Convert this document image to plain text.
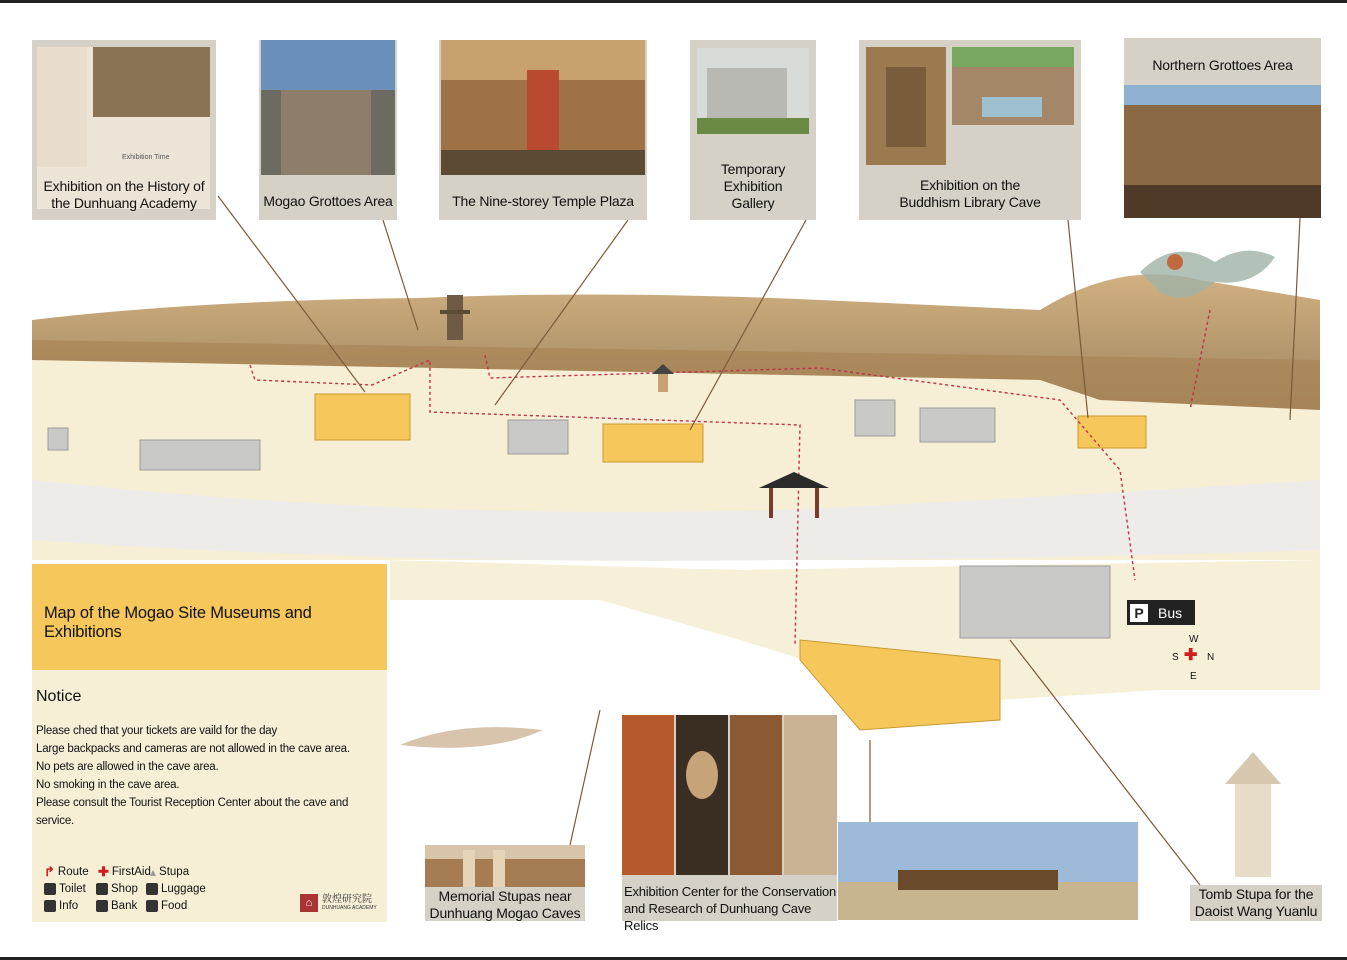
Exhibition Time
Exhibition on the History of the Dunhuang Academy	Mogao Grottoes Area	The Nine-storey Temple Plaza
Temporary Exhibition Gallery
Exhibition on the Buddhism Library Cave
Northern Grottoes Area
Map of the Mogao Site Museums and Exhibitions
Notice
Please ched that your tickets are vaild for the day
Large backpacks and cameras are not allowed in the cave area.
No pets are allowed in the cave area.
No smoking in the cave area.
Please consult the Tourist Reception Center about the cave and service.
↱ Route ✚ FirstAid ▴ Stupa
Toilet Shop Luggage
Info	Bank Food	⌂ 敦煌研究院
DUNHUANG ACADEMY
Memorial Stupas near Dunhuang Mogao Caves
Exhibition Center for the Conservation and Research of Dunhuang Cave Relics
Tomb Stupa for the Daoist Wang Yuanlu
P	Bus
W
S	N
E
✚
